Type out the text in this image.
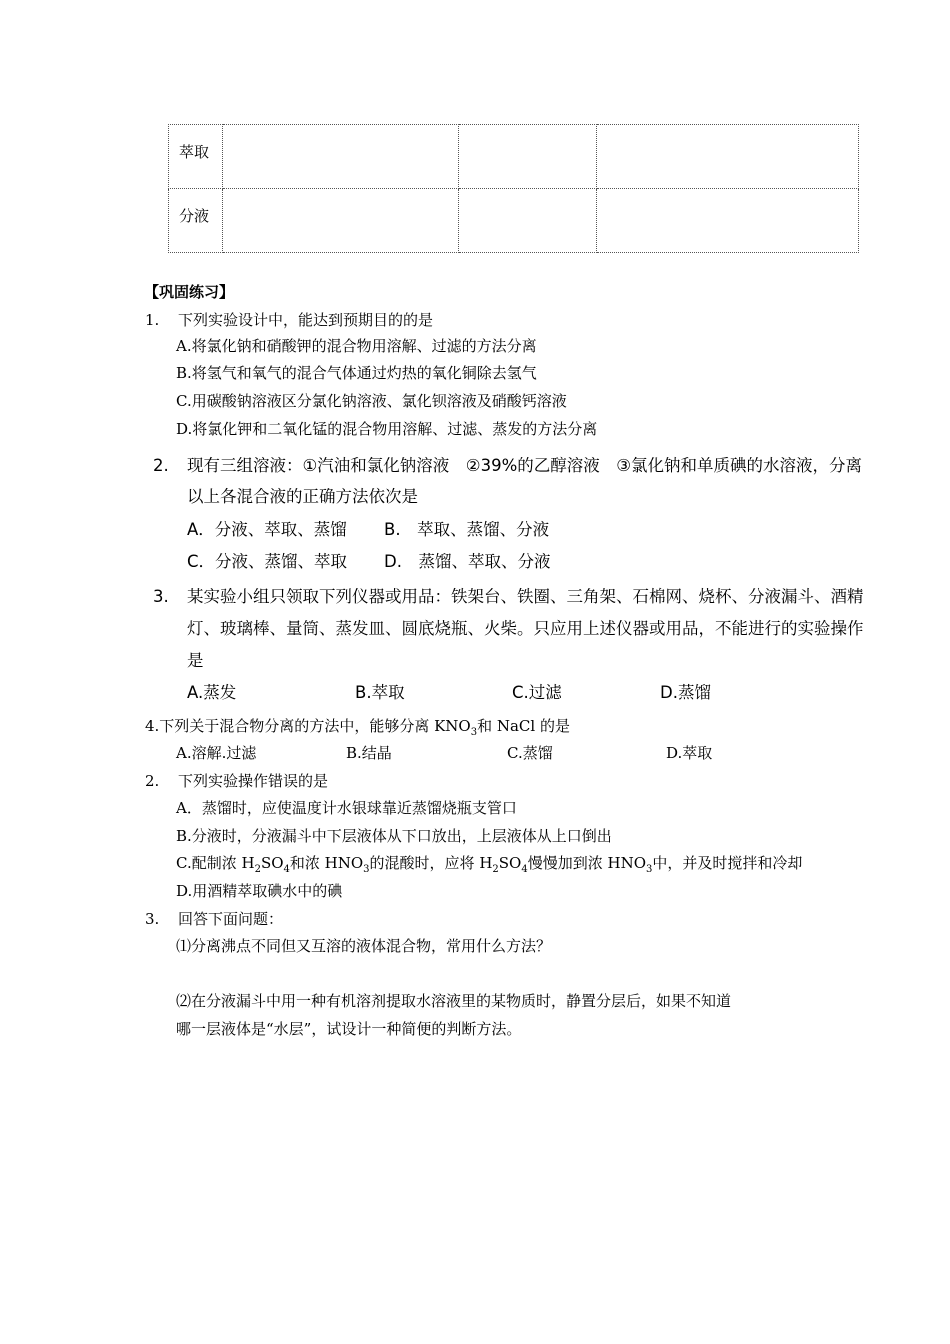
萃取			
分液			
【巩固练习】
1. 下列实验设计中，能达到预期目的的是
A.将氯化钠和硝酸钾的混合物用溶解、过滤的方法分离
B.将氢气和氧气的混合气体通过灼热的氧化铜除去氢气
C.用碳酸钠溶液区分氯化钠溶液、氯化钡溶液及硝酸钙溶液
D.将氯化钾和二氧化锰的混合物用溶解、过滤、蒸发的方法分离
2. 现有三组溶液：①汽油和氯化钠溶液　②39%的乙醇溶液　③氯化钠和单质碘的水溶液，分离
以上各混合液的正确方法依次是
A．分液、萃取、蒸馏 B.　萃取、蒸馏、分液
C．分液、蒸馏、萃取 D.　蒸馏、萃取、分液
3. 某实验小组只领取下列仪器或用品：铁架台、铁圈、三角架、石棉网、烧杯、分液漏斗、酒精
灯、玻璃棒、量筒、蒸发皿、圆底烧瓶、火柴。只应用上述仪器或用品，不能进行的实验操作
是
A.蒸发	B.萃取	C.过滤	D.蒸馏
4.下列关于混合物分离的方法中，能够分离 $KNO_3$和 NaCl 的是
A.溶解.过滤	B.结晶	C.蒸馏	D.萃取
2. 下列实验操作错误的是
A．蒸馏时，应使温度计水银球靠近蒸馏烧瓶支管口
B.分液时，分液漏斗中下层液体从下口放出，上层液体从上口倒出
C.配制浓 $H_2SO_4$和浓 $HNO_3$的混酸时，应将 $H_2SO_4$慢慢加到浓 $HNO_3$中，并及时搅拌和冷却
D.用酒精萃取碘水中的碘
3. 回答下面问题：
⑴分离沸点不同但又互溶的液体混合物，常用什么方法？
⑵在分液漏斗中用一种有机溶剂提取水溶液里的某物质时，静置分层后，如果不知道
哪一层液体是“水层”，试设计一种简便的判断方法。
